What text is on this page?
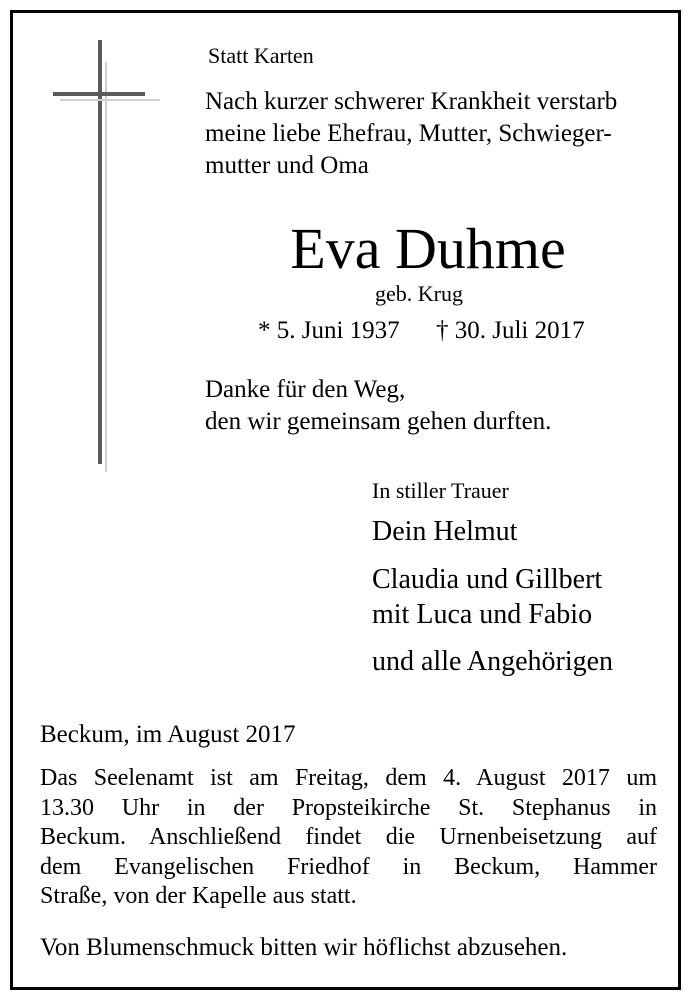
Statt Karten
Nach kurzer schwerer Krankheit verstarb
meine liebe Ehefrau, Mutter, Schwieger-
mutter und Oma
Eva Duhme
geb. Krug
* 5. Juni 1937 † 30. Juli 2017
Danke für den Weg,
den wir gemeinsam gehen durften.
In stiller Trauer
Dein Helmut
Claudia und Gillbert
mit Luca und Fabio
und alle Angehörigen
Beckum, im August 2017
Das Seelenamt ist am Freitag, dem 4. August 2017 um
13.30 Uhr in der Propsteikirche St. Stephanus in
Beckum. Anschließend findet die Urnenbeisetzung auf
dem Evangelischen Friedhof in Beckum, Hammer
Straße, von der Kapelle aus statt.
Von Blumenschmuck bitten wir höflichst abzusehen.
